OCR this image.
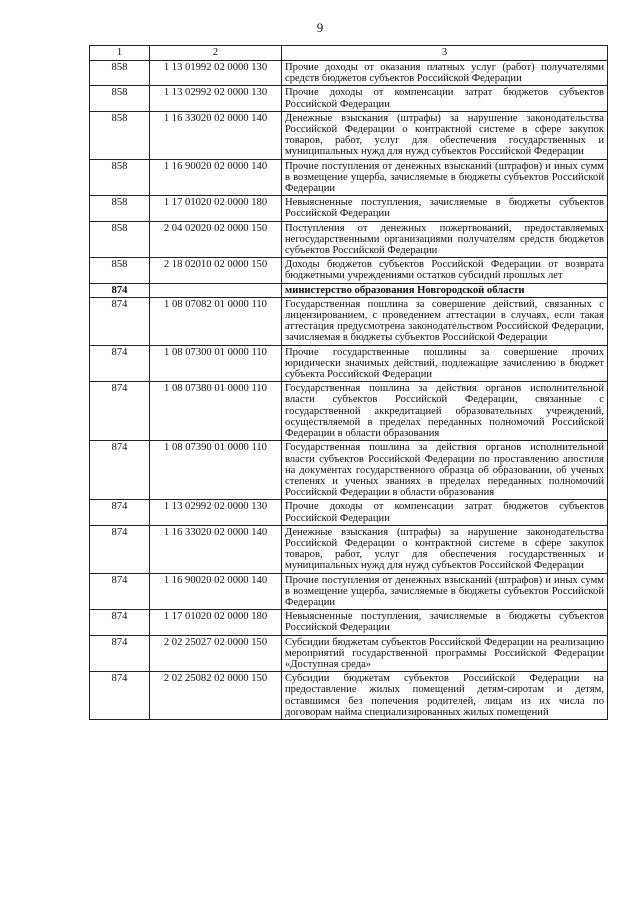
9
1	2	3
858	1 13 01992 02 0000 130	Прочие доходы от оказания платных услуг (работ) получателями средств бюджетов субъектов Российской Федерации
858	1 13 02992 02 0000 130	Прочие доходы от компенсации затрат бюджетов субъектов Российской Федерации
858	1 16 33020 02 0000 140	Денежные взыскания (штрафы) за нарушение законодательства Российской Федерации о контрактной системе в сфере закупок товаров, работ, услуг для обеспечения государственных и муниципальных нужд для нужд субъектов Российской Федерации
858	1 16 90020 02 0000 140	Прочие поступления от денежных взысканий (штрафов) и иных сумм в возмещение ущерба, зачисляемые в бюджеты субъектов Российской Федерации
858	1 17 01020 02 0000 180	Невыясненные поступления, зачисляемые в бюджеты субъектов Российской Федерации
858	2 04 02020 02 0000 150	Поступления от денежных пожертвований, предоставляемых негосударственными организациями получателям средств бюджетов субъектов Российской Федерации
858	2 18 02010 02 0000 150	Доходы бюджетов субъектов Российской Федерации от возврата бюджетными учреждениями остатков субсидий прошлых лет
874		министерство образования Новгородской области
874	1 08 07082 01 0000 110	Государственная пошлина за совершение действий, связанных с лицензированием, с проведением аттестации в случаях, если такая аттестация предусмотрена законодательством Российской Федерации, зачисляемая в бюджеты субъектов Российской Федерации
874	1 08 07300 01 0000 110	Прочие государственные пошлины за совершение прочих юридически значимых действий, подлежащие зачислению в бюджет субъекта Российской Федерации
874	1 08 07380 01 0000 110	Государственная пошлина за действия органов исполнительной власти субъектов Российской Федерации, связанные с государственной аккредитацией образовательных учреждений, осуществляемой в пределах переданных полномочий Российской Федерации в области образования
874	1 08 07390 01 0000 110	Государственная пошлина за действия органов исполнительной власти субъектов Российской Федерации по проставлению апостиля на документах государственного образца об образовании, об ученых степенях и ученых званиях в пределах переданных полномочий Российской Федерации в области образования
874	1 13 02992 02 0000 130	Прочие доходы от компенсации затрат бюджетов субъектов Российской Федерации
874	1 16 33020 02 0000 140	Денежные взыскания (штрафы) за нарушение законодательства Российской Федерации о контрактной системе в сфере закупок товаров, работ, услуг для обеспечения государственных и муниципальных нужд для нужд субъектов Российской Федерации
874	1 16 90020 02 0000 140	Прочие поступления от денежных взысканий (штрафов) и иных сумм в возмещение ущерба, зачисляемые в бюджеты субъектов Российской Федерации
874	1 17 01020 02 0000 180	Невыясненные поступления, зачисляемые в бюджеты субъектов Российской Федерации
874	2 02 25027 02 0000 150	Субсидии бюджетам субъектов Российской Федерации на реализацию мероприятий государственной программы Российской Федерации «Доступная среда»
874	2 02 25082 02 0000 150	Субсидии бюджетам субъектов Российской Федерации на предоставление жилых помещений детям-сиротам и детям, оставшимся без попечения родителей, лицам из их числа по договорам найма специализированных жилых помещений
